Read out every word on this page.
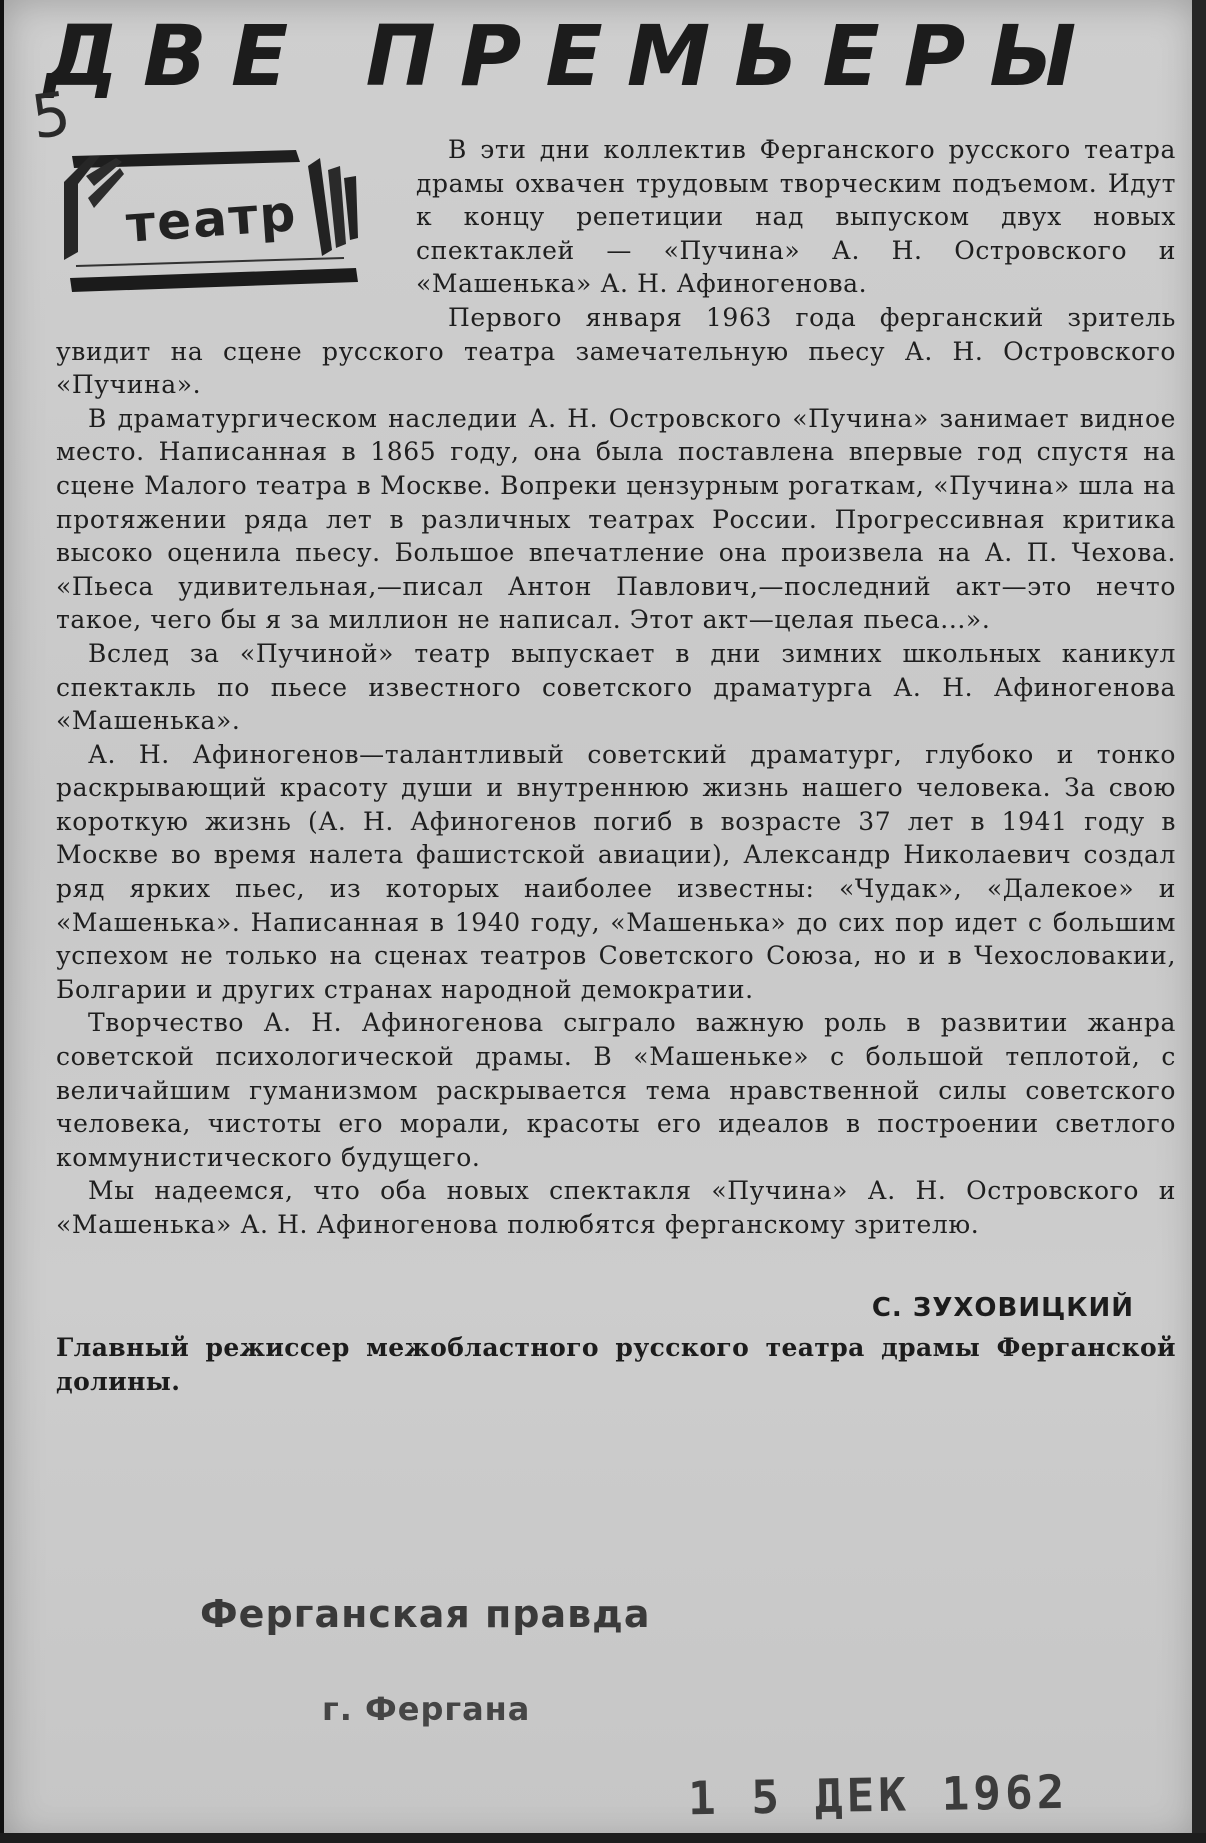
ДВЕ ПРЕМЬЕРЫ
5
театр

В эти дни коллектив Ферганского русского театра драмы охвачен трудовым творческим подъемом. Идут к концу репетиции над выпуском двух новых спектаклей — «Пучина» А. Н. Островского и «Машенька» А. Н. Афиногенова.

Первого января 1963 года ферганский зритель увидит на сцене русского театра замечательную пьесу А. Н. Островского «Пучина».

В драматургическом наследии А. Н. Островского «Пучина» занимает видное место. Написанная в 1865 году, она была поставлена впервые год спустя на сцене Малого театра в Москве. Вопреки цензурным рогаткам, «Пучина» шла на протяжении ряда лет в различных театрах России. Прогрессивная критика высоко оценила пьесу. Большое впечатление она произвела на А. П. Чехова. «Пьеса удивительная,—писал Антон Павлович,—последний акт—это нечто такое, чего бы я за миллион не написал. Этот акт—целая пьеса...».

Вслед за «Пучиной» театр выпускает в дни зимних школьных каникул спектакль по пьесе известного советского драматурга А. Н. Афиногенова «Машенька».

А. Н. Афиногенов—талантливый советский драматург, глубоко и тонко раскрывающий красоту души и внутреннюю жизнь нашего человека. За свою короткую жизнь (А. Н. Афиногенов погиб в возрасте 37 лет в 1941 году в Москве во время налета фашистской авиации), Александр Николаевич создал ряд ярких пьес, из которых наиболее известны: «Чудак», «Далекое» и «Машенька». Написанная в 1940 году, «Машенька» до сих пор идет с большим успехом не только на сценах театров Советского Союза, но и в Чехословакии, Болгарии и других странах народной демократии.

Творчество А. Н. Афиногенова сыграло важную роль в развитии жанра советской психологической драмы. В «Машеньке» с большой теплотой, с величайшим гуманизмом раскрывается тема нравственной силы советского человека, чистоты его морали, красоты его идеалов в построении светлого коммунистического будущего.

Мы надеемся, что оба новых спектакля «Пучина» А. Н. Островского и «Машенька» А. Н. Афиногенова полюбятся ферганскому зрителю.

С. ЗУХОВИЦКИЙ
Главный режиссер межобластного русского театра драмы Ферганской долины.
Ферганская правда
г. Фергана
1 5 ДЕК 1962
